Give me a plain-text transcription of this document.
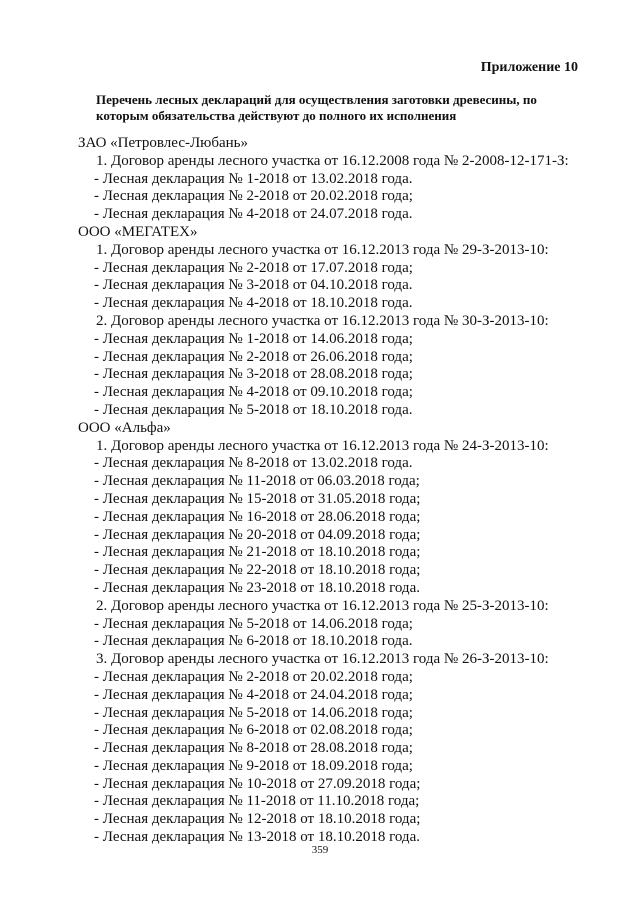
Приложение 10
Перечень лесных деклараций для осуществления заготовки древесины, по
которым обязательства действуют до полного их исполнения
ЗАО «Петровлес-Любань»
1. Договор аренды лесного участка от 16.12.2008 года № 2-2008-12-171-З:
- Лесная декларация № 1-2018 от 13.02.2018 года.
- Лесная декларация № 2-2018 от 20.02.2018 года;
- Лесная декларация № 4-2018 от 24.07.2018 года.
ООО «МЕГАТЕХ»
1. Договор аренды лесного участка от 16.12.2013 года № 29-З-2013-10:
- Лесная декларация № 2-2018 от 17.07.2018 года;
- Лесная декларация № 3-2018 от 04.10.2018 года.
- Лесная декларация № 4-2018 от 18.10.2018 года.
2. Договор аренды лесного участка от 16.12.2013 года № 30-З-2013-10:
- Лесная декларация № 1-2018 от 14.06.2018 года;
- Лесная декларация № 2-2018 от 26.06.2018 года;
- Лесная декларация № 3-2018 от 28.08.2018 года;
- Лесная декларация № 4-2018 от 09.10.2018 года;
- Лесная декларация № 5-2018 от 18.10.2018 года.
ООО «Альфа»
1. Договор аренды лесного участка от 16.12.2013 года № 24-З-2013-10:
- Лесная декларация № 8-2018 от 13.02.2018 года.
- Лесная декларация № 11-2018 от 06.03.2018 года;
- Лесная декларация № 15-2018 от 31.05.2018 года;
- Лесная декларация № 16-2018 от 28.06.2018 года;
- Лесная декларация № 20-2018 от 04.09.2018 года;
- Лесная декларация № 21-2018 от 18.10.2018 года;
- Лесная декларация № 22-2018 от 18.10.2018 года;
- Лесная декларация № 23-2018 от 18.10.2018 года.
2. Договор аренды лесного участка от 16.12.2013 года № 25-З-2013-10:
- Лесная декларация № 5-2018 от 14.06.2018 года;
- Лесная декларация № 6-2018 от 18.10.2018 года.
3. Договор аренды лесного участка от 16.12.2013 года № 26-З-2013-10:
- Лесная декларация № 2-2018 от 20.02.2018 года;
- Лесная декларация № 4-2018 от 24.04.2018 года;
- Лесная декларация № 5-2018 от 14.06.2018 года;
- Лесная декларация № 6-2018 от 02.08.2018 года;
- Лесная декларация № 8-2018 от 28.08.2018 года;
- Лесная декларация № 9-2018 от 18.09.2018 года;
- Лесная декларация № 10-2018 от 27.09.2018 года;
- Лесная декларация № 11-2018 от 11.10.2018 года;
- Лесная декларация № 12-2018 от 18.10.2018 года;
- Лесная декларация № 13-2018 от 18.10.2018 года.
359
